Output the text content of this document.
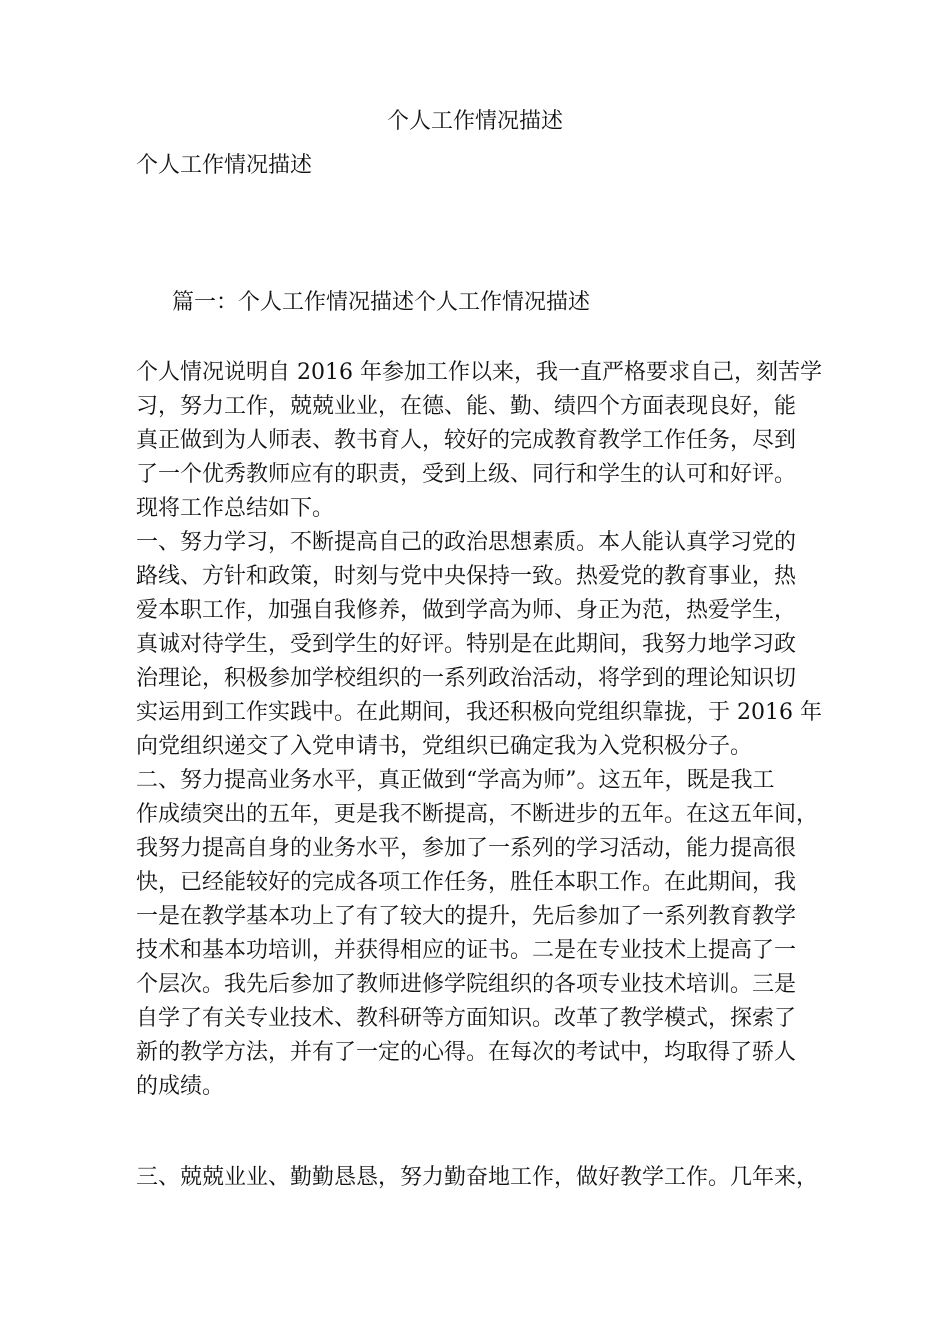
个人工作情况描述
个人工作情况描述
篇一：个人工作情况描述个人工作情况描述
个人情况说明自 2016 年参加工作以来，我一直严格要求自己，刻苦学
习，努力工作，兢兢业业，在德、能、勤、绩四个方面表现良好，能
真正做到为人师表、教书育人，较好的完成教育教学工作任务，尽到
了一个优秀教师应有的职责，受到上级、同行和学生的认可和好评。
现将工作总结如下。
一、努力学习，不断提高自己的政治思想素质。本人能认真学习党的
路线、方针和政策，时刻与党中央保持一致。热爱党的教育事业，热
爱本职工作，加强自我修养，做到学高为师、身正为范，热爱学生，
真诚对待学生，受到学生的好评。特别是在此期间，我努力地学习政
治理论，积极参加学校组织的一系列政治活动，将学到的理论知识切
实运用到工作实践中。在此期间，我还积极向党组织靠拢，于 2016 年
向党组织递交了入党申请书，党组织已确定我为入党积极分子。
二、努力提高业务水平，真正做到“学高为师”。这五年，既是我工
作成绩突出的五年，更是我不断提高，不断进步的五年。在这五年间，
我努力提高自身的业务水平，参加了一系列的学习活动，能力提高很
快，已经能较好的完成各项工作任务，胜任本职工作。在此期间，我
一是在教学基本功上了有了较大的提升，先后参加了一系列教育教学
技术和基本功培训，并获得相应的证书。二是在专业技术上提高了一
个层次。我先后参加了教师进修学院组织的各项专业技术培训。三是
自学了有关专业技术、教科研等方面知识。改革了教学模式，探索了
新的教学方法，并有了一定的心得。在每次的考试中，均取得了骄人
的成绩。
三、兢兢业业、勤勤恳恳，努力勤奋地工作，做好教学工作。几年来，
